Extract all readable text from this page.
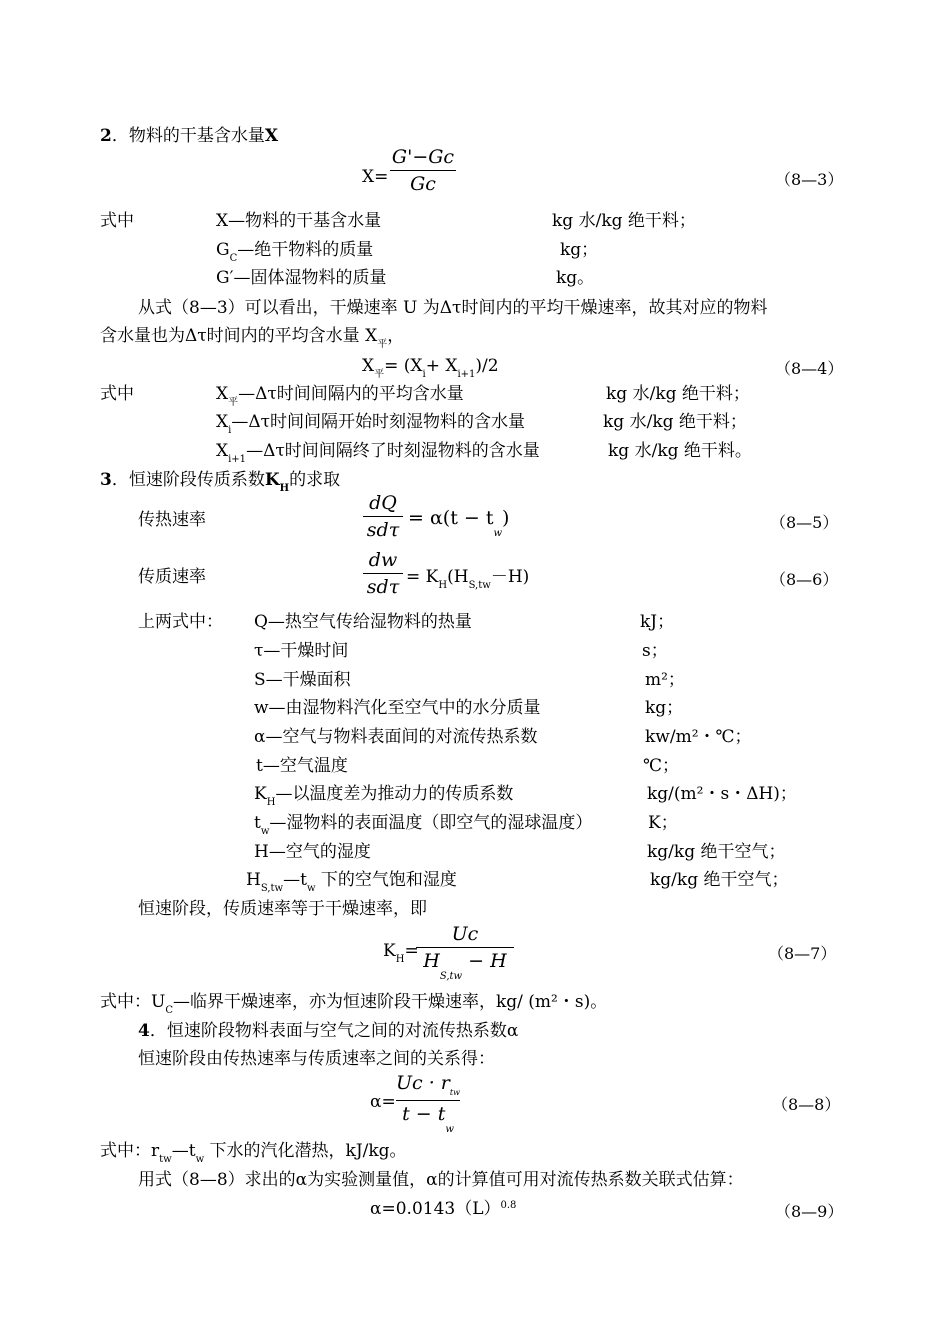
2．物料的干基含水量X
X=
G'−Gc
Gc	（8—3）
式中	X—物料的干基含水量	kg 水/kg 绝干料；
$G_C—$绝干物料的质量	kg；
G′—固体湿物料的质量	kg。
从式（8—3）可以看出，干燥速率 U 为Δτ时间内的平均干燥速率，故其对应的物料
含水量也为Δτ时间内的平均含水量 $X_平$，
$X_平= (X_i+ X_{i+1})/2$	（8—4）
式中	$X_平—\Delta\tau$时间间隔内的平均含水量	kg 水/kg 绝干料；
$X_i—\Delta\tau$时间间隔开始时刻湿物料的含水量	kg 水/kg 绝干料；
$X_{i+1}—\Delta\tau$时间间隔终了时刻湿物料的含水量	kg 水/kg 绝干料。
3．恒速阶段传质系数$K_H$的求取
传热速率
dQ
sdτ
= $\alpha(t - t_w)$	（8—5）
传质速率
dw
$sd\tau = K_H(H_{S,tw}-H)$	（8—6）
上两式中： Q—热空气传给湿物料的热量	kJ；
τ—干燥时间	s；
S—干燥面积	m²；
w—由湿物料汽化至空气中的水分质量	kg；
α—空气与物料表面间的对流传热系数	kw/m²・℃；
t—空气温度	℃；
$K_H—$以温度差为推动力的传质系数	kg/(m²・s・ΔH)；
$t_w—$湿物料的表面温度（即空气的湿球温度）	K；
H—空气的湿度	kg/kg 绝干空气；
$H_{S,tw}—t_w$ 下的空气饱和湿度	kg/kg 绝干空气；
恒速阶段，传质速率等于干燥速率，即
$K_H=$
Uc
$H_{S,tw} - H$	（8—7）
式中：$U_C—$临界干燥速率，亦为恒速阶段干燥速率，kg/ (m²・s)。
4．恒速阶段物料表面与空气之间的对流传热系数α
恒速阶段由传热速率与传质速率之间的关系得：
α=
$Uc \cdot r_{tw}$
$t - t_w$
（8—8）
式中：$r_{tw}—t_w$ 下水的汽化潜热，kJ/kg。
用式（8—8）求出的α为实验测量值，α的计算值可用对流传热系数关联式估算：
$\alpha=0.0143(L)^{0.8}$	（8—9）
